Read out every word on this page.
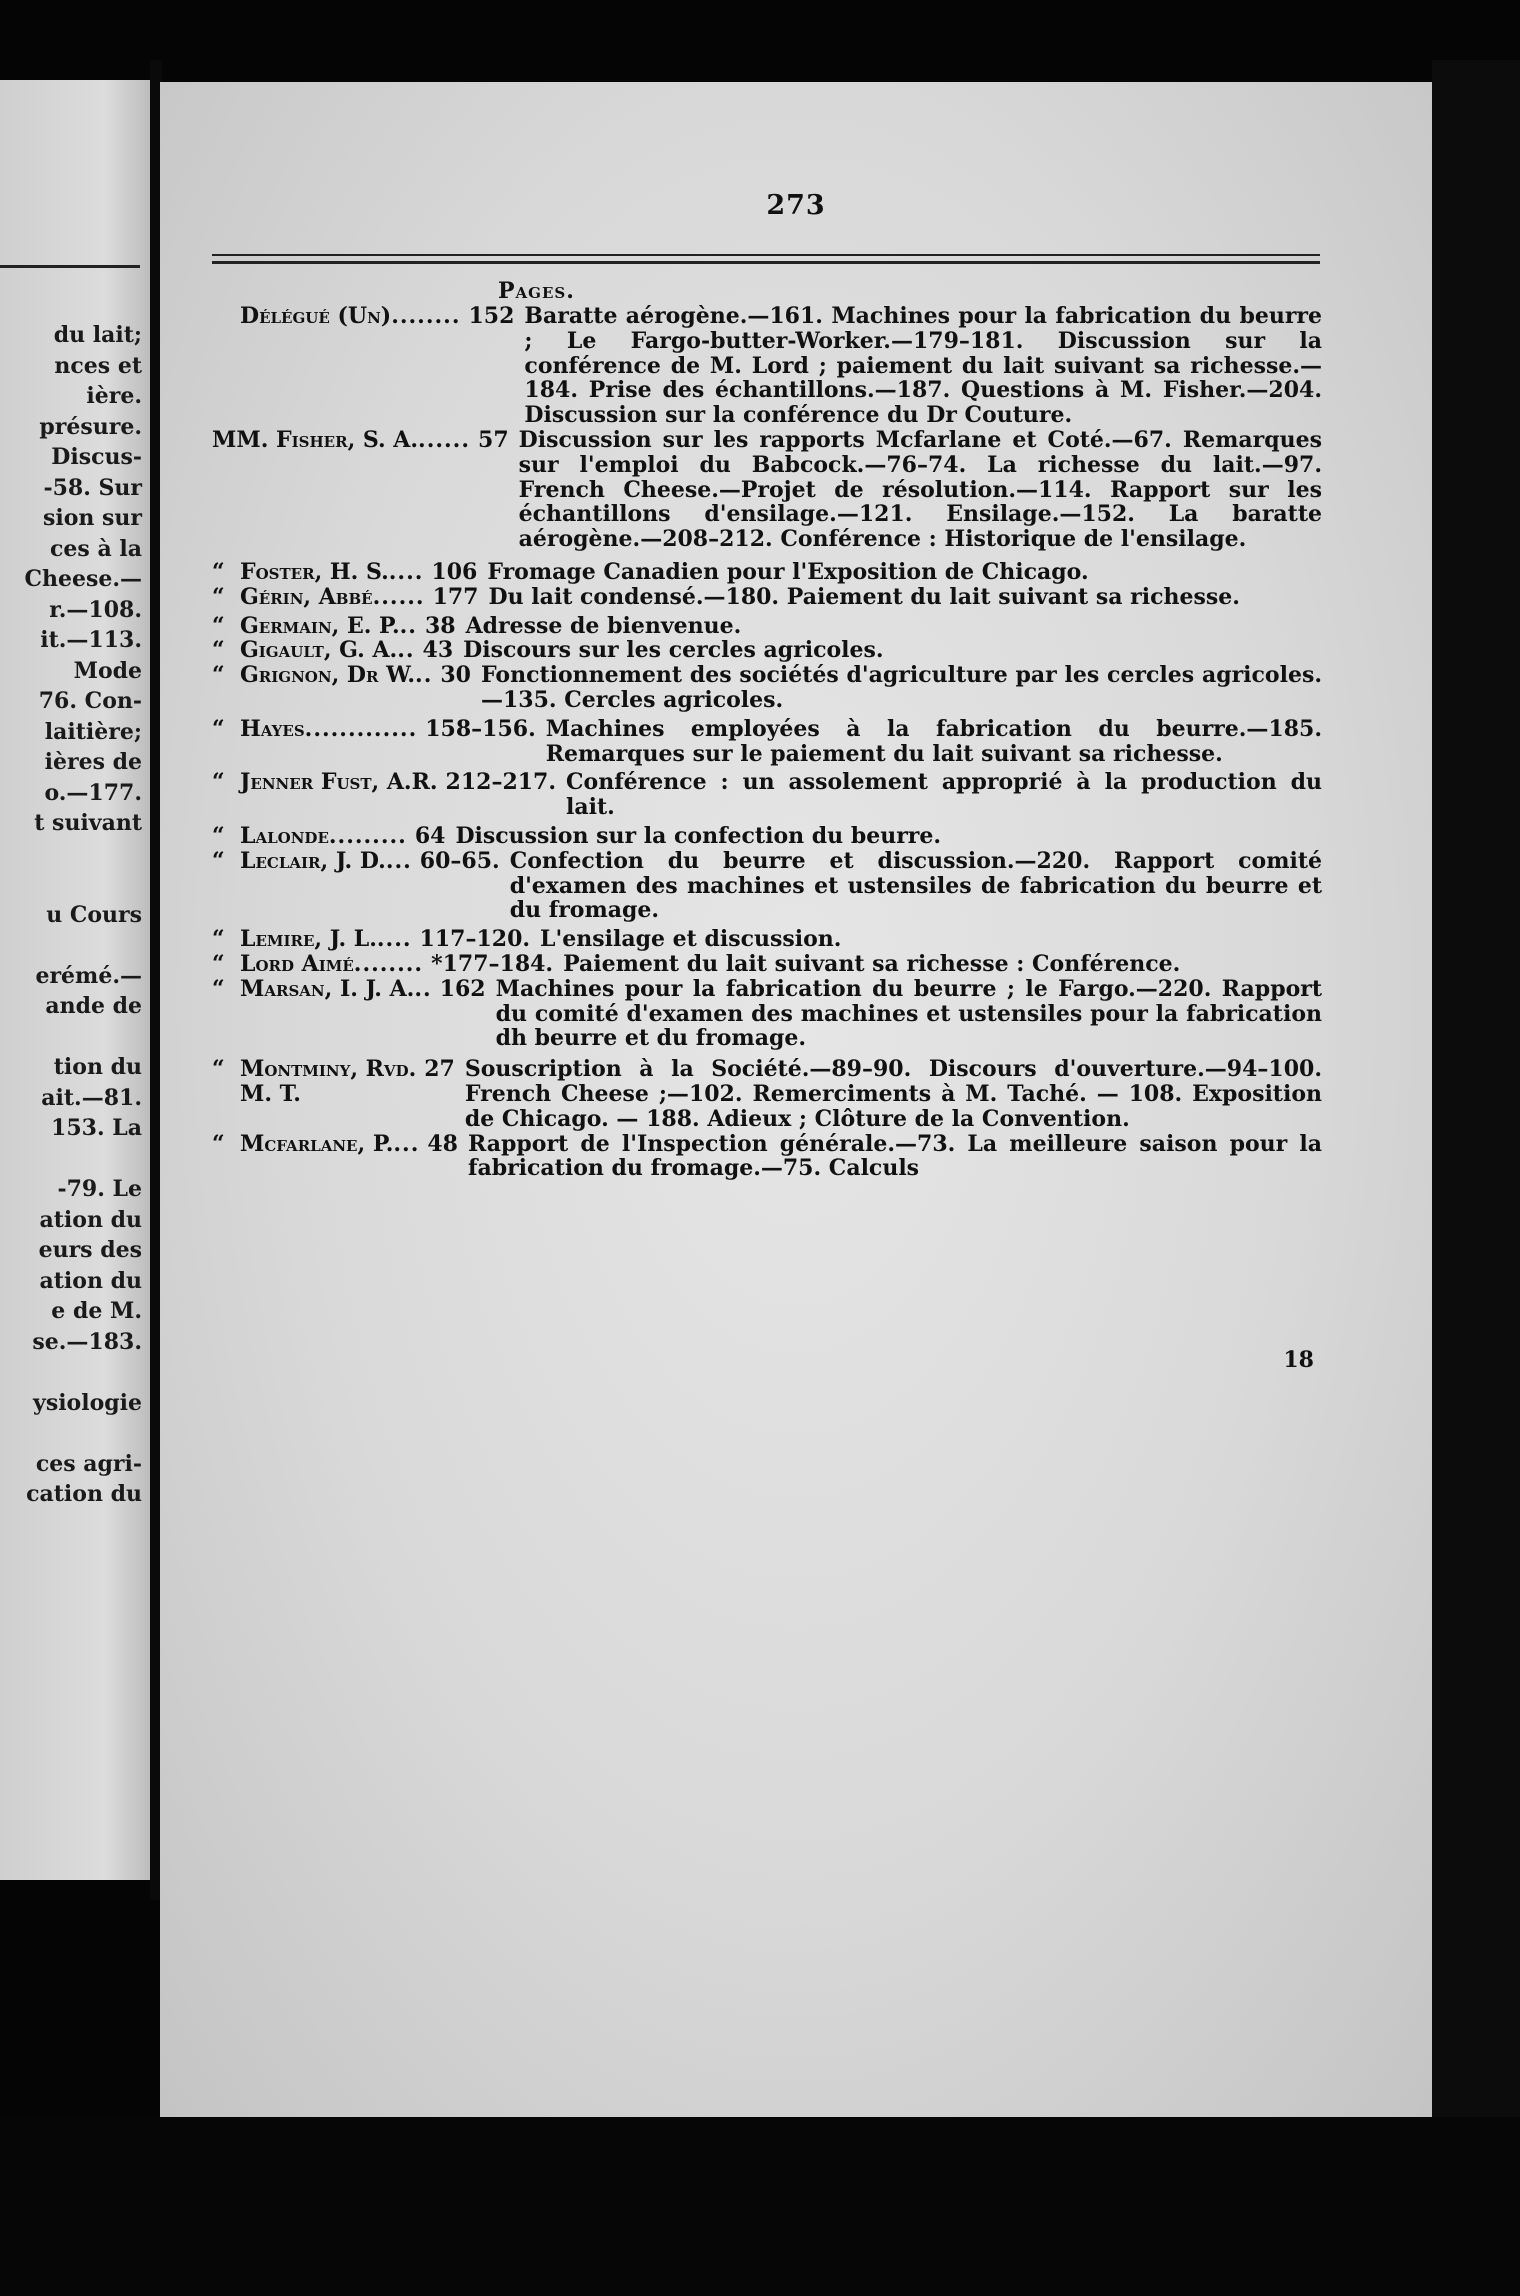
du lait;
nces et
ière.
présure.
Discus-
-58. Sur
sion sur
ces à la
Cheese.—
r.—108.
it.—113.
Mode
76. Con-
laitière;
ières de
o.—177.
t suivant
u Cours
erémé.—
ande de
tion du
ait.—81.
153. La
-79. Le
ation du
eurs des
ation du
e de M.
se.—183.
ysiologie
ces agri-
cation du
273
Pages.
Délégué (Un) ........ 152 Baratte aérogène.—161. Machines pour la fabrication du beurre ; Le Fargo-butter-Worker.—179–181. Discussion sur la conférence de M. Lord ; paiement du lait suivant sa richesse.—184. Prise des échantillons.—187. Questions à M. Fisher.—204. Discussion sur la conférence du Dr Couture.
MM. Fisher, S. A. ...... 57 Discussion sur les rapports Mcfarlane et Coté.—67. Remarques sur l'emploi du Babcock.—76–74. La richesse du lait.—97. French Cheese.—Projet de résolution.—114. Rapport sur les échantillons d'ensilage.—121. Ensilage.—152. La baratte aérogène.—208–212. Conférence : Historique de l'ensilage.
“ Foster, H. S. .... 106 Fromage Canadien pour l'Exposition de Chicago.
“ Gérin, Abbé ...... 177 Du lait condensé.—180. Paiement du lait suivant sa richesse.
“ Germain, E. P. .. 38 Adresse de bienvenue.
“ Gigault, G. A. .. 43 Discours sur les cercles agricoles.
“ Grignon, Dr W. .. 30 Fonctionnement des sociétés d'agriculture par les cercles agricoles.—135. Cercles agricoles.
“ Hayes ............. 158–156. Machines employées à la fabrication du beurre.—185. Remarques sur le paiement du lait suivant sa richesse.
“ Jenner Fust, A.R. 212–217. Conférence : un assolement approprié à la production du lait.
“ Lalonde ......... 64 Discussion sur la confection du beurre.
“ Leclair, J. D. ... 60–65. Confection du beurre et discussion.—220. Rapport comité d'examen des machines et ustensiles de fabrication du beurre et du fromage.
“ Lemire, J. L. .... 117–120. L'ensilage et discussion.
“ Lord Aimé ........ *177–184. Paiement du lait suivant sa richesse : Conférence.
“ Marsan, I. J. A. .. 162 Machines pour la fabrication du beurre ; le Fargo.—220. Rapport du comité d'examen des machines et ustensiles pour la fabrication dh beurre et du fromage.
“ Montminy, Rvd.
M. T.
27 Souscription à la Société.—89–90. Discours d'ouverture.—94–100. French Cheese ;—102. Remerciments à M. Taché. — 108. Exposition de Chicago. — 188. Adieux ; Clôture de la Convention.
“ Mcfarlane, P. ... 48 Rapport de l'Inspection générale.—73. La meilleure saison pour la fabrication du fromage.—75. Calculs
18
